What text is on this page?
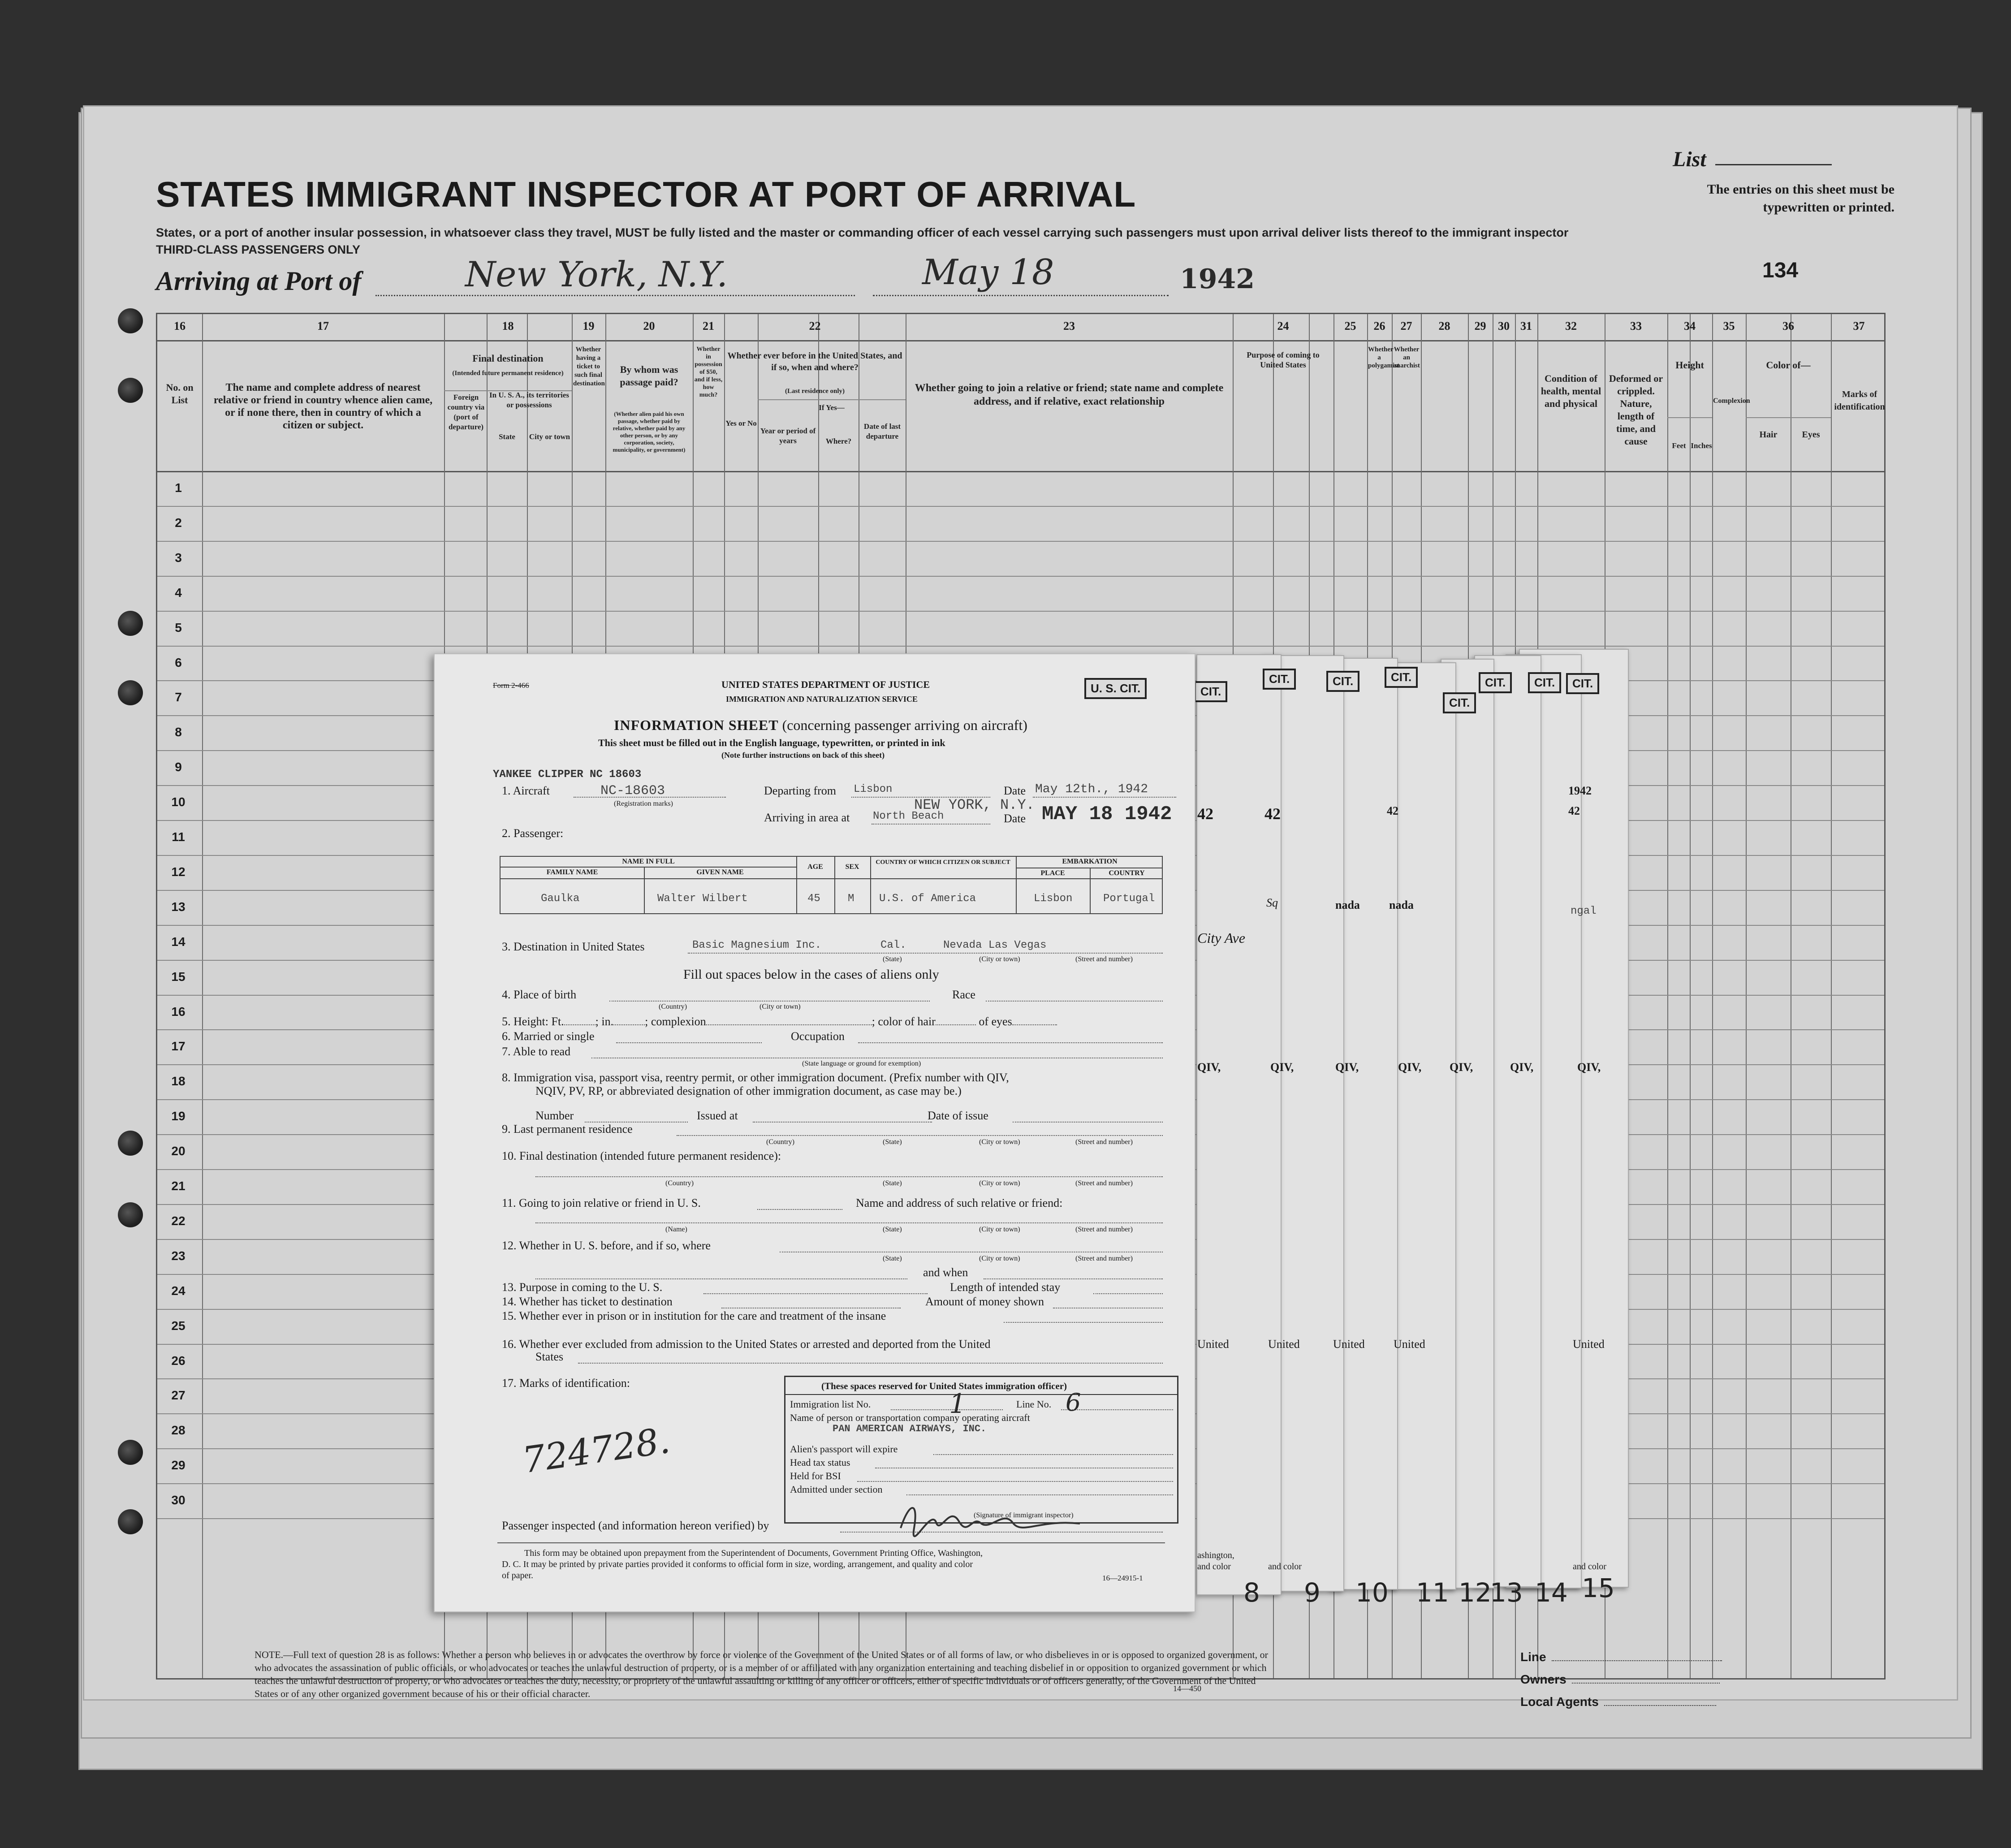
STATES IMMIGRANT INSPECTOR AT PORT OF ARRIVAL
States, or a port of another insular possession, in whatsoever class they travel, MUST be fully listed and the master or commanding officer of each vessel carrying such passengers must upon arrival deliver lists thereof to the immigrant inspector
THIRD-CLASS PASSENGERS ONLY
List
The entries on this sheet must be typewritten or printed.
134
Arriving at Port of	New York, N.Y.	May 18	1942
16	17	18	19	20	21	22	23	24	25	26	27	28	29	30 31	32	33	34	35	36	37
No. on List
The name and complete address of nearest relative or friend in country whence alien came, or if none there, then in country of which a citizen or subject.
Final destination
(Intended future permanent residence)
Foreign country via (port of departure)
In U. S. A., its territories or possessions
State	City or town
Whether having a ticket to such final destination
By whom was passage paid?
(Whether alien paid his own passage, whether paid by relative, whether paid by any other person, or by any corporation, society, municipality, or government)
Whether in possession of $50, and if less, how much?
Whether ever before in the United States, and if so, when and where?
(Last residence only)
Yes or No
If Yes—
Year or period of years	Where?
Date of last departure
Whether going to join a relative or friend; state name and complete address, and if relative, exact relationship
Purpose of coming to United States
Whether a polygamist
Whether an anarchist
Condition of health, mental and physical
Deformed or crippled. Nature, length of time, and cause
Height
Feet Inches
Complexion
Color of—
Hair	Eyes
Marks of identification
NOTE.—Full text of question 28 is as follows: Whether a person who believes in or advocates the overthrow by force or violence of the Government of the United States or of all forms of law, or who disbelieves in or is opposed to organized government, or who advocates the assassination of public officials, or who advocates or teaches the unlawful destruction of property, or is a member of or affiliated with any organization entertaining and teaching disbelief in or opposition to organized government or which teaches the unlawful destruction of property, or who advocates or teaches the duty, necessity, or propriety of the unlawful assaulting or killing of any officer or officers, either of specific individuals or of officers generally, of the Government of the United States or of any other organized government because of his or their official character.
Line
Owners
Local Agents
14—450
1
2
3
4
5
6
7
8
9
10
11
12
13
14
15
16
17
18
19
20
21
22
23
24
25
26
27
28
29
30
CIT.
CIT.
CIT.
CIT.
CIT.
CIT.
CIT.
CIT.
1942
42
42	42	42
nada	nada	ngal
Sq
City Ave
QIV,	QIV,	QIV,	QIV, QIV,	QIV,	QIV,
United	United	United United	United
ashington,
and color	and color	and color
8 9 10 11 12
13 14 15
Form 2-466	UNITED STATES DEPARTMENT OF JUSTICE
IMMIGRATION AND NATURALIZATION SERVICE
U. S. CIT.
INFORMATION SHEET (concerning passenger arriving on aircraft)
This sheet must be filled out in the English language, typewritten, or printed in ink
(Note further instructions on back of this sheet)
YANKEE CLIPPER NC 18603
1. Aircraft	NC-18603
(Registration marks)
Departing from Lisbon	Date May 12th., 1942
NEW YORK, N.Y.
Arriving in area at North Beach	Date MAY 18 1942
2. Passenger:
NAME IN FULL
FAMILY NAME	GIVEN NAME
AGE	SEX
COUNTRY OF WHICH CITIZEN OR SUBJECT	EMBARKATION
PLACE	COUNTRY
Gaulka	Walter Wilbert	45	M U.S. of America	Lisbon	Portugal
3. Destination in United States	Basic Magnesium Inc.	Cal.	Nevada Las Vegas
(State)	(City or town)	(Street and number)
Fill out spaces below in the cases of aliens only
4. Place of birth	Race
(Country)	(City or town)
5. Height: Ft.	; in.	; complexion	; color of hair	of eyes
6. Married or single	Occupation
7. Able to read
(State language or ground for exemption)
8. Immigration visa, passport visa, reentry permit, or other immigration document. (Prefix number with QIV,
NQIV, PV, RP, or abbreviated designation of other immigration document, as case may be.)
Number	Issued at	Date of issue
9. Last permanent residence
(Country)	(State)	(City or town)	(Street and number)
10. Final destination (intended future permanent residence):
(Country)	(State)	(City or town)	(Street and number)
11. Going to join relative or friend in U. S.	Name and address of such relative or friend:
(Name)	(State)	(City or town)	(Street and number)
12. Whether in U. S. before, and if so, where
(State)	(City or town)	(Street and number)
and when
13. Purpose in coming to the U. S.	Length of intended stay
14. Whether has ticket to destination	Amount of money shown
15. Whether ever in prison or in institution for the care and treatment of the insane
16. Whether ever excluded from admission to the United States or arrested and deported from the United
States
17. Marks of identification:
724728.
(These spaces reserved for United States immigration officer)
Immigration list No.	1	Line No. 6
Name of person or transportation company operating aircraft
PAN AMERICAN AIRWAYS, INC.
Alien's passport will expire
Head tax status
Held for BSI
Admitted under section
(Signature of immigrant inspector)
Passenger inspected (and information hereon verified) by
This form may be obtained upon prepayment from the Superintendent of Documents, Government Printing Office, Washington,
D. C. It may be printed by private parties provided it conforms to official form in size, wording, arrangement, and quality and color
of paper.	16—24915-1
